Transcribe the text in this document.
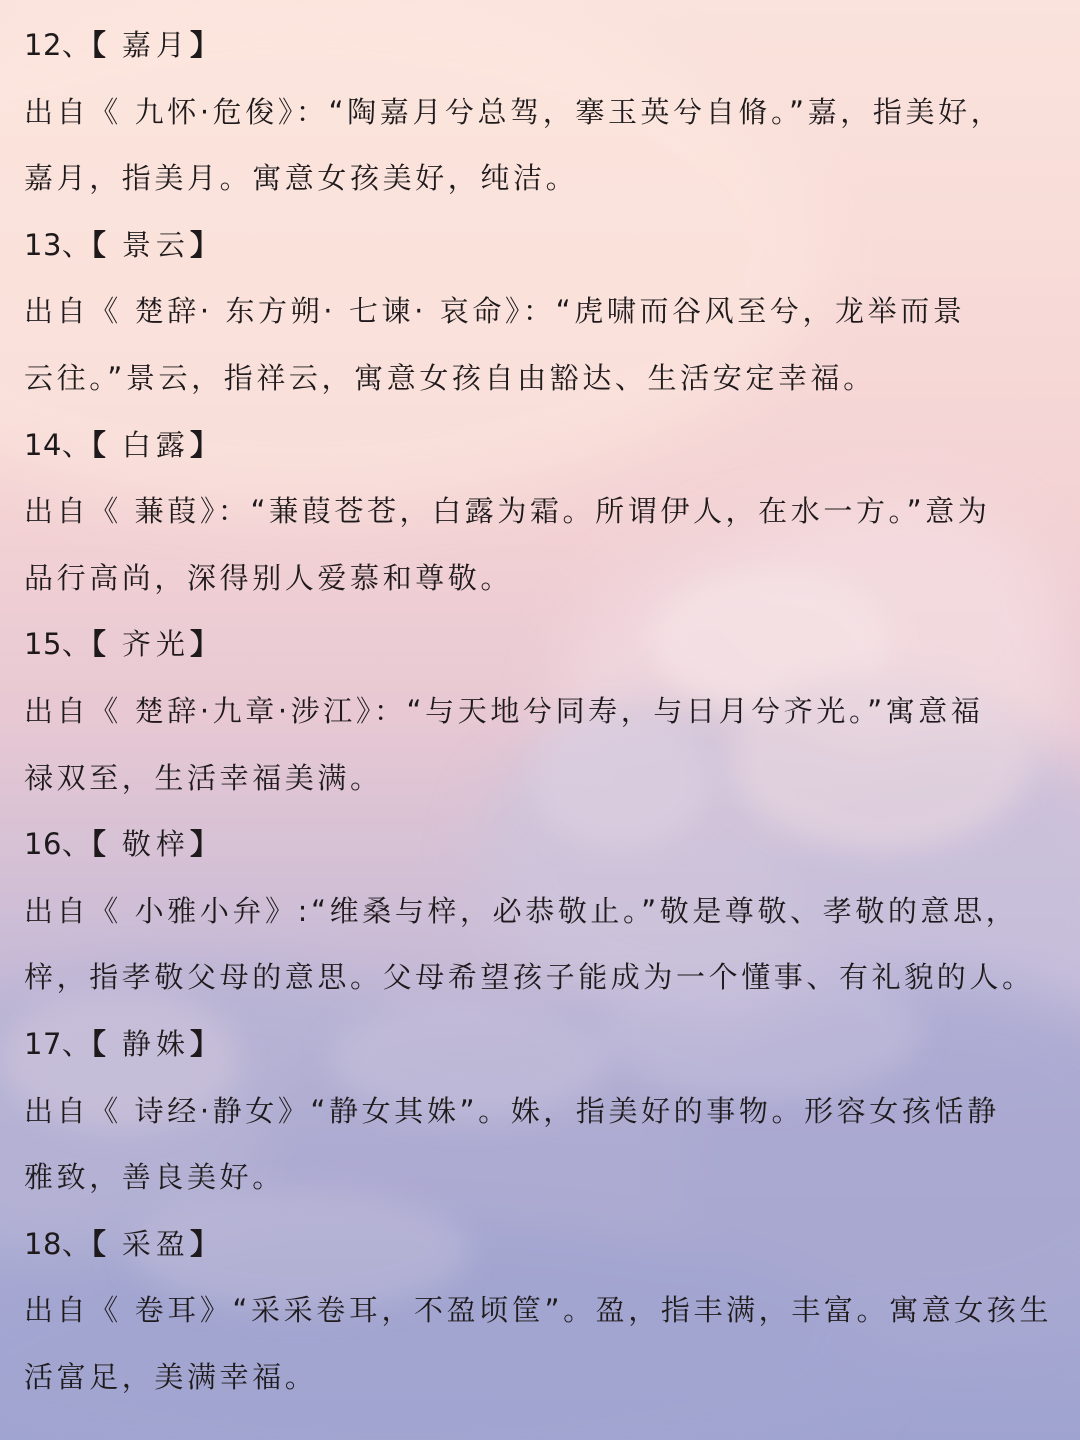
12、【 嘉月】
出自《 九怀·危俊》：“陶嘉月兮总驾，搴玉英兮自脩。”嘉，指美好，
嘉月，指美月。寓意女孩美好，纯洁。
13、【 景云】
出自《 楚辞· 东方朔· 七谏· 哀命》：“虎啸而谷风至兮，龙举而景
云往。”景云，指祥云，寓意女孩自由豁达、生活安定幸福。
14、【 白露】
出自《 蒹葭》：“蒹葭苍苍，白露为霜。所谓伊人，在水一方。”意为
品行高尚，深得别人爱慕和尊敬。
15、【 齐光】
出自《 楚辞·九章·涉江》：“与天地兮同寿，与日月兮齐光。”寓意福
禄双至，生活幸福美满。
16、【 敬梓】
出自《 小雅小弁》:“维桑与梓，必恭敬止。”敬是尊敬、孝敬的意思，
梓，指孝敬父母的意思。父母希望孩子能成为一个懂事、有礼貌的人。
17、【 静姝】
出自《 诗经·静女》“静女其姝”。姝，指美好的事物。形容女孩恬静
雅致，善良美好。
18、【 采盈】
出自《 卷耳》“采采卷耳，不盈顷筐”。盈，指丰满，丰富。寓意女孩生
活富足，美满幸福。
